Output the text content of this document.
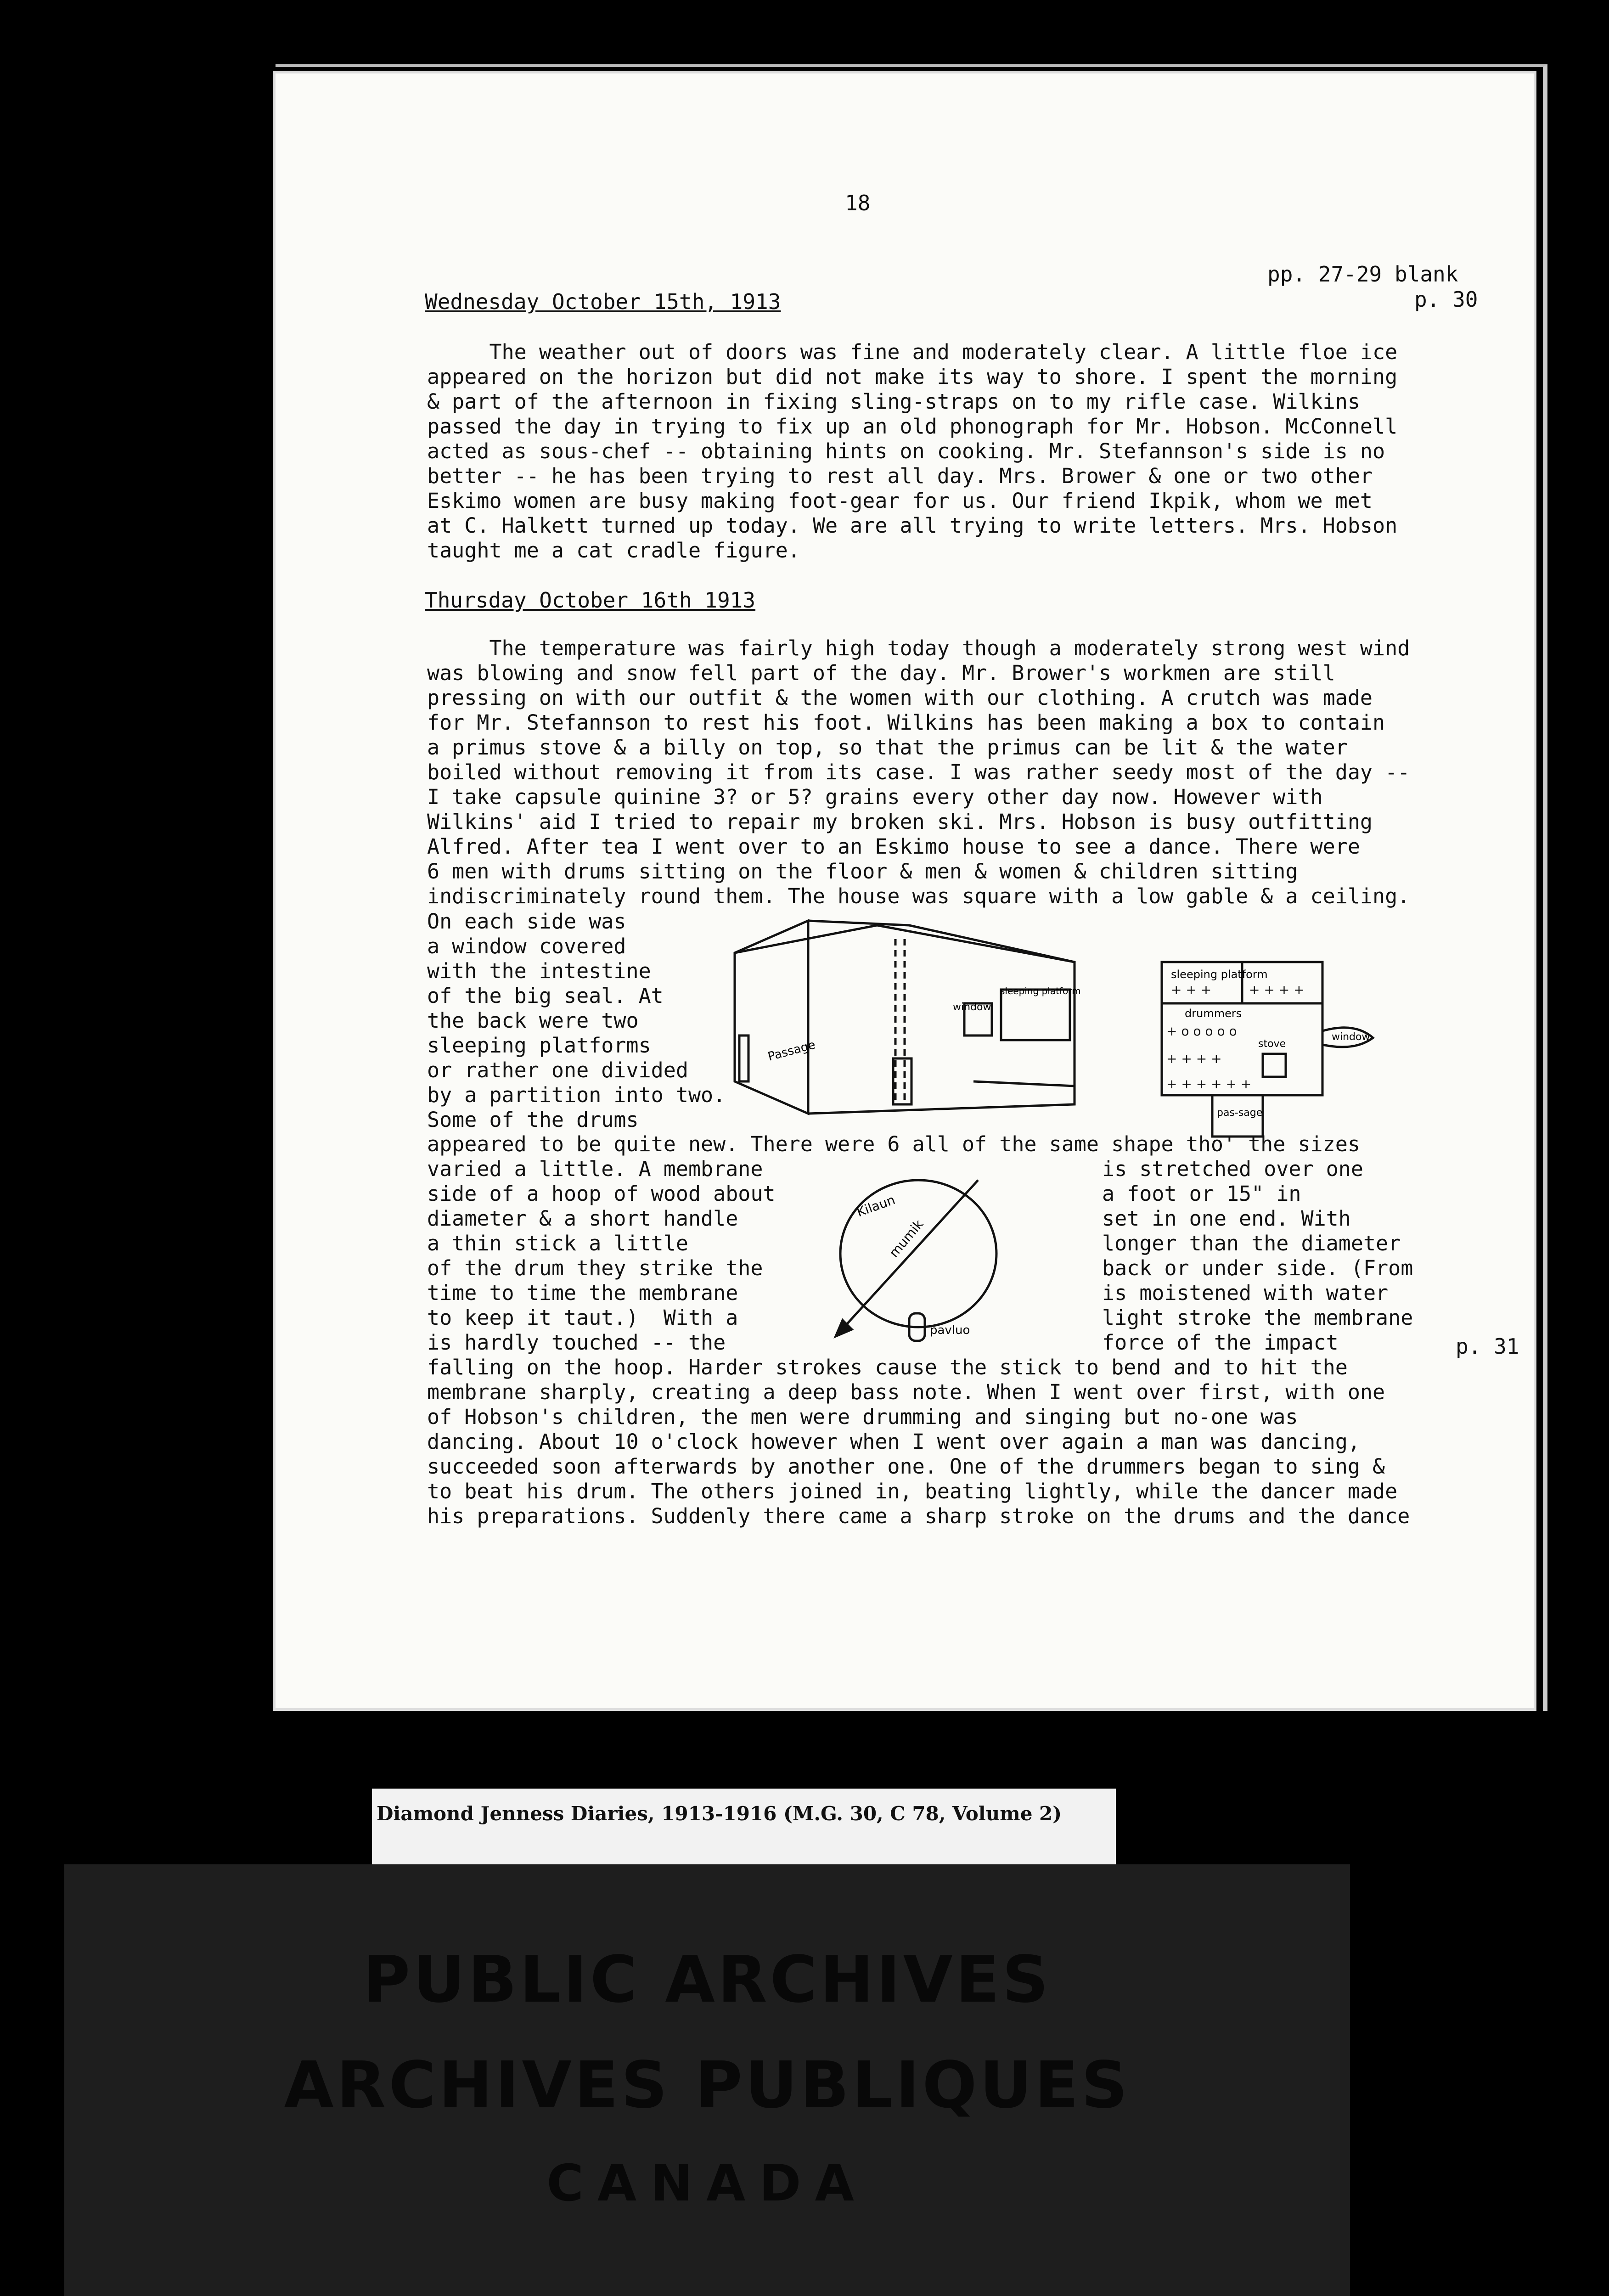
18
pp. 27-29 blank
p. 30
p. 31
Wednesday October 15th, 1913
The weather out of doors was fine and moderately clear. A little floe ice
appeared on the horizon but did not make its way to shore. I spent the morning
& part of the afternoon in fixing sling-straps on to my rifle case. Wilkins
passed the day in trying to fix up an old phonograph for Mr. Hobson. McConnell
acted as sous-chef -- obtaining hints on cooking. Mr. Stefannson's side is no
better -- he has been trying to rest all day. Mrs. Brower & one or two other
Eskimo women are busy making foot-gear for us. Our friend Ikpik, whom we met
at C. Halkett turned up today. We are all trying to write letters. Mrs. Hobson
taught me a cat cradle figure.
Thursday October 16th 1913
The temperature was fairly high today though a moderately strong west wind
was blowing and snow fell part of the day. Mr. Brower's workmen are still
pressing on with our outfit & the women with our clothing. A crutch was made
for Mr. Stefannson to rest his foot. Wilkins has been making a box to contain
a primus stove & a billy on top, so that the primus can be lit & the water
boiled without removing it from its case. I was rather seedy most of the day --
I take capsule quinine 3? or 5? grains every other day now. However with
Wilkins' aid I tried to repair my broken ski. Mrs. Hobson is busy outfitting
Alfred. After tea I went over to an Eskimo house to see a dance. There were
6 men with drums sitting on the floor & men & women & children sitting
indiscriminately round them. The house was square with a low gable & a ceiling.
On each side was
a window covered
with the intestine
of the big seal. At
the back were two
sleeping platforms
or rather one divided
by a partition into two.
Some of the drums
Passage
window
sleeping platform
sleeping platform
drummers
stove
window
pas-sage
+ + +	+ + + +
+ o o o o o
+ + + +
+ + + + + +
appeared to be quite new. There were 6 all of the same shape tho' the sizes
varied a little. A membrane
side of a hoop of wood about
diameter & a short handle
a thin stick a little
of the drum they strike the
time to time the membrane
to keep it taut.)  With a
is hardly touched -- the
is stretched over one
a foot or 15" in
set in one end. With
longer than the diameter
back or under side. (From
is moistened with water
light stroke the membrane
force of the impact
Kilaun
mumik
pavluo
falling on the hoop. Harder strokes cause the stick to bend and to hit the
membrane sharply, creating a deep bass note. When I went over first, with one
of Hobson's children, the men were drumming and singing but no-one was
dancing. About 10 o'clock however when I went over again a man was dancing,
succeeded soon afterwards by another one. One of the drummers began to sing &
to beat his drum. The others joined in, beating lightly, while the dancer made
his preparations. Suddenly there came a sharp stroke on the drums and the dance
Diamond Jenness Diaries, 1913-1916 (M.G. 30, C 78, Volume 2)
PUBLIC ARCHIVES
ARCHIVES PUBLIQUES
CANADA
